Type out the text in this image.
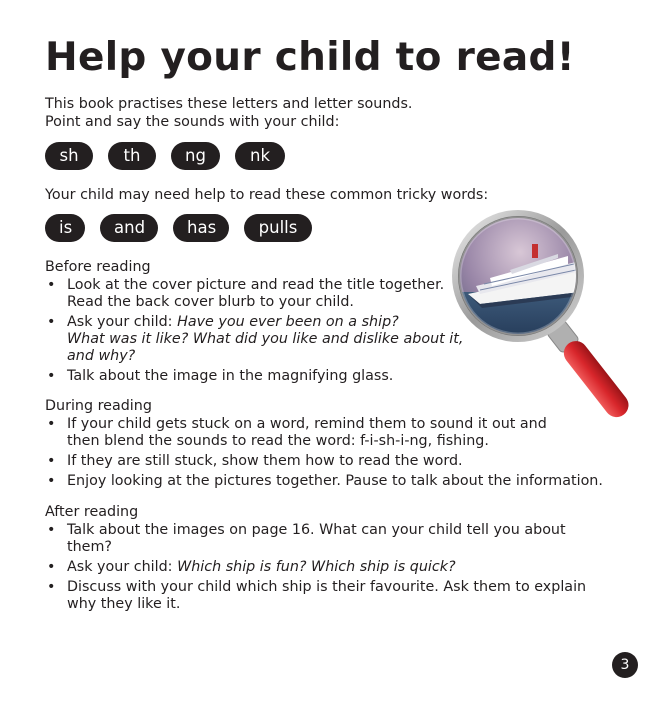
Help your child to read!

This book practises these letters and letter sounds.
Point and say the sounds with your child:

sh	th	ng	nk

Your child may need help to read these common tricky words:

is	and	has	pulls
Before reading
• Look at the cover picture and read the title together.
Read the back cover blurb to your child.
• Ask your child: Have you ever been on a ship?
What was it like? What did you like and dislike about it,
and why?
• Talk about the image in the magnifying glass.
During reading
• If your child gets stuck on a word, remind them to sound it out and
then blend the sounds to read the word: f-i-sh-i-ng, fishing.
• If they are still stuck, show them how to read the word.
• Enjoy looking at the pictures together. Pause to talk about the information.
After reading
• Talk about the images on page 16. What can your child tell you about them?
• Ask your child: Which ship is fun? Which ship is quick?
• Discuss with your child which ship is their favourite. Ask them to explain
why they like it.
3
